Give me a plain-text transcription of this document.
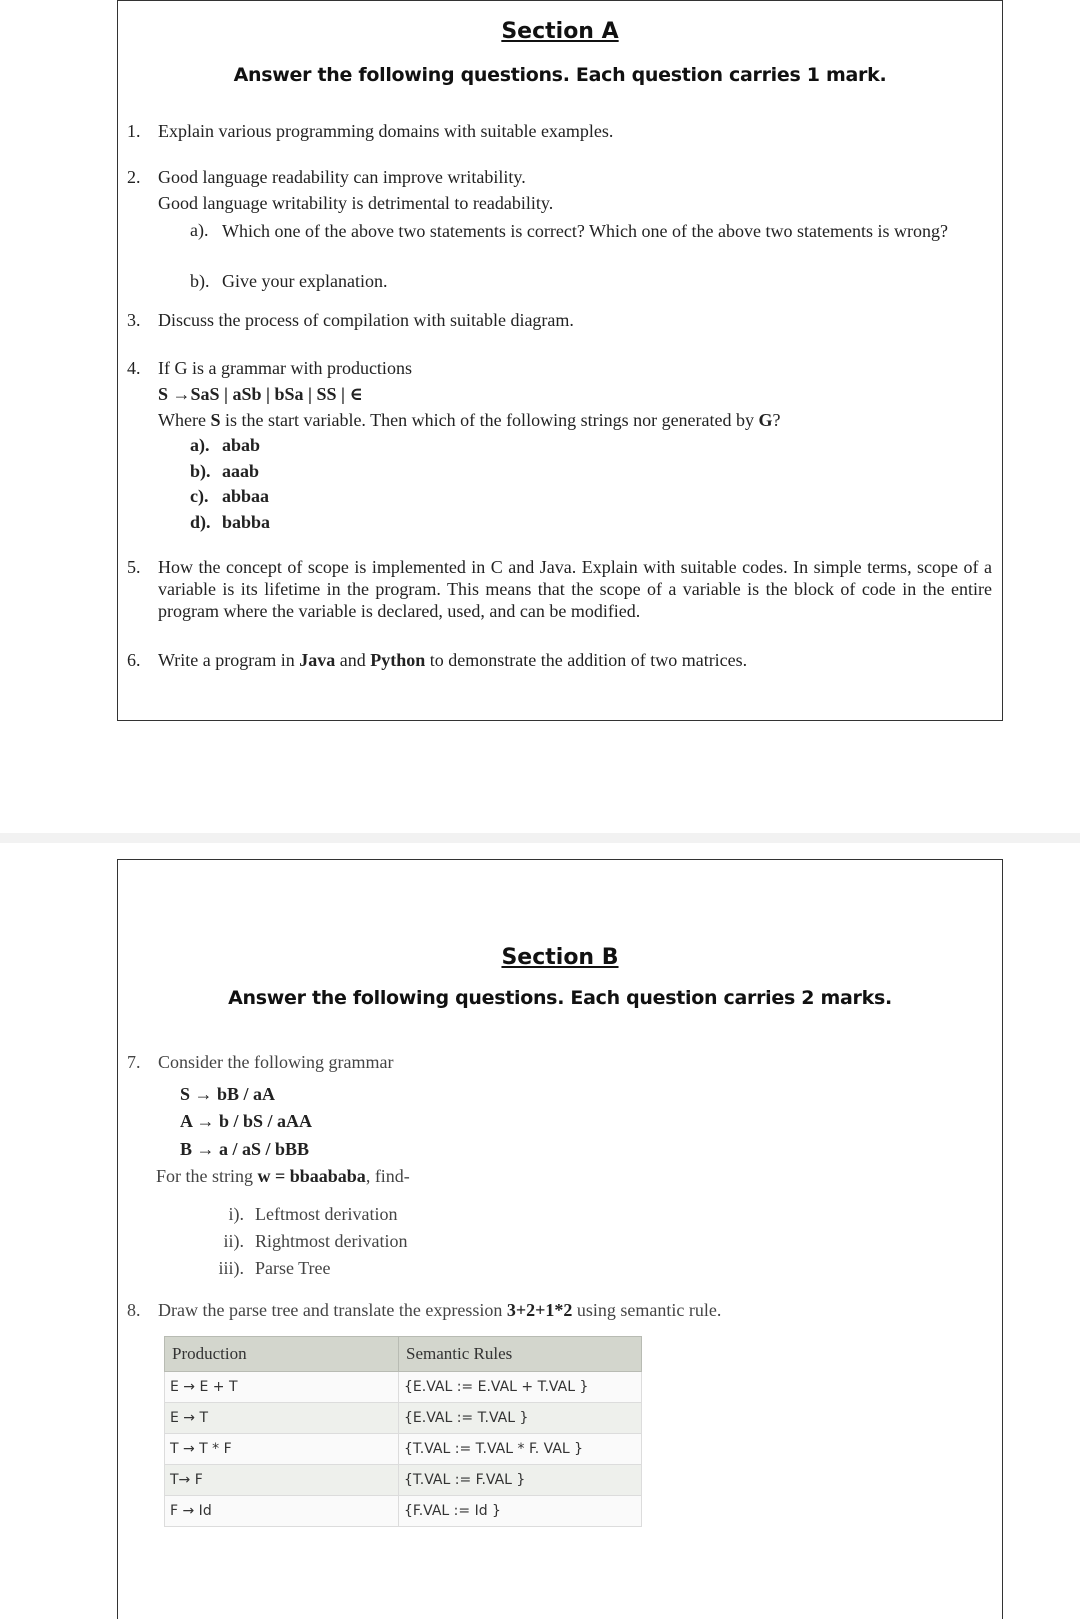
Section A
Answer the following questions. Each question carries 1 mark.
1. Explain various programming domains with suitable examples.
2. Good language readability can improve writability.
Good language writability is detrimental to readability.
a). Which one of the above two statements is correct? Which one of the above two statements is wrong?
b). Give your explanation.
3. Discuss the process of compilation with suitable diagram.
4. If G is a grammar with productions
S →SaS | aSb | bSa | SS | ∈
Where S is the start variable. Then which of the following strings nor generated by G?
a). abab
b). aaab
c). abbaa
d). babba
5. How the concept of scope is implemented in C and Java. Explain with suitable codes. In simple terms, scope of a variable is its lifetime in the program. This means that the scope of a variable is the block of code in the entire program where the variable is declared, used, and can be modified.
6. Write a program in Java and Python to demonstrate the addition of two matrices.
Section B
Answer the following questions. Each question carries 2 marks.
7. Consider the following grammar
S → bB / aA
A → b / bS / aAA
B → a / aS / bBB
For the string w = bbaababa, find-
i). Leftmost derivation
ii). Rightmost derivation
iii). Parse Tree
8. Draw the parse tree and translate the expression 3+2+1*2 using semantic rule.
Production	Semantic Rules
E → E + T	{E.VAL := E.VAL + T.VAL }
E → T	{E.VAL := T.VAL }
T → T * F	{T.VAL := T.VAL * F. VAL }
T→ F	{T.VAL := F.VAL }
F → Id	{F.VAL := Id }
